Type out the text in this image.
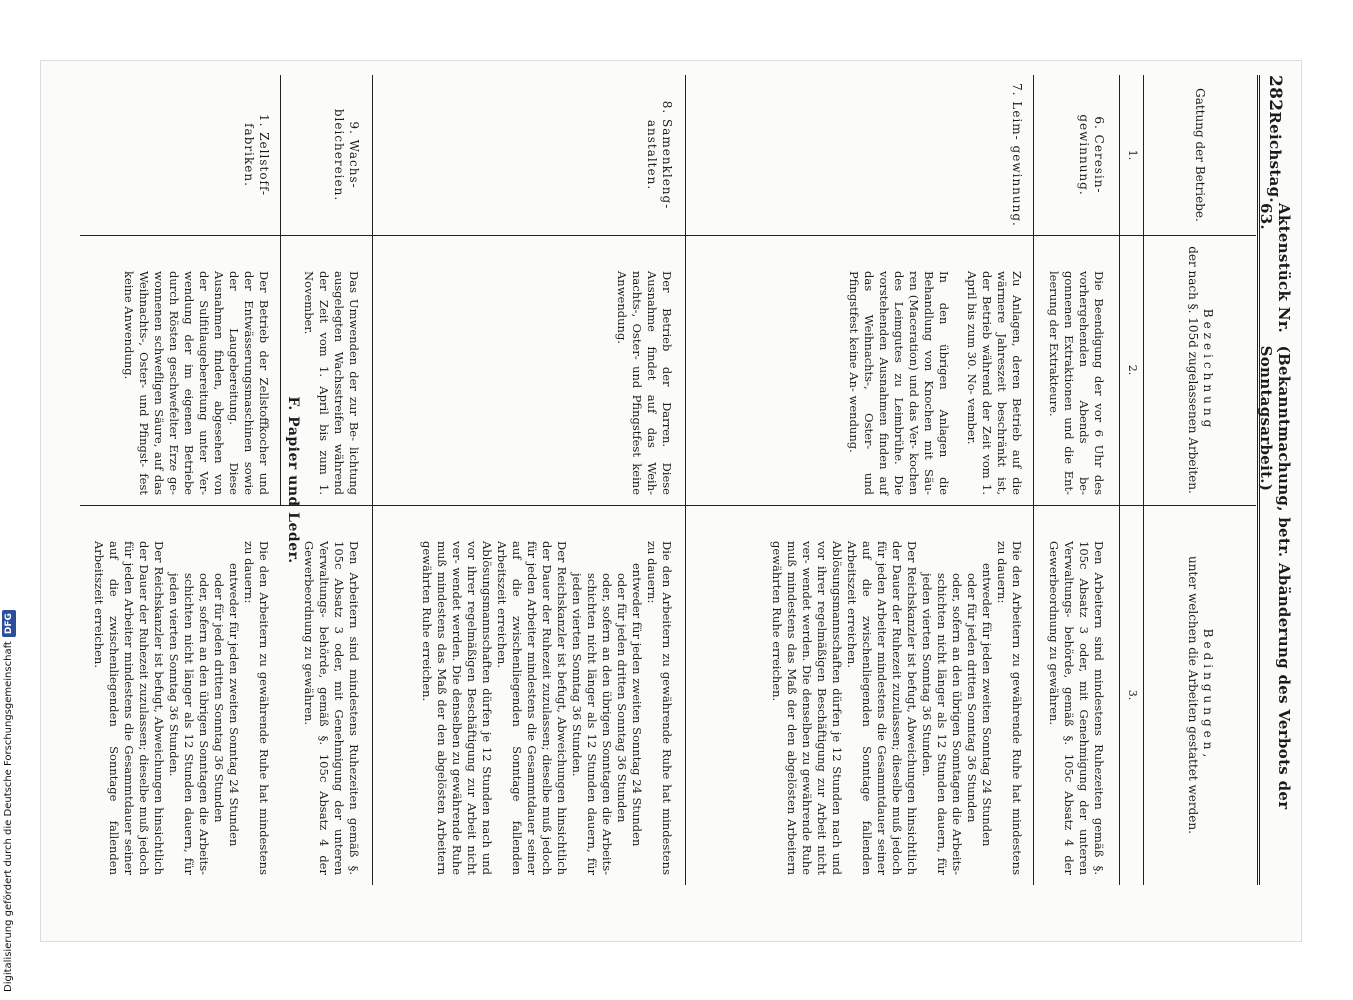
282
Reichstag.
Aktenstück Nr. 63.
(Bekanntmachung, betr. Abänderung des Verbots der Sonntagsarbeit.)
Gattung der Betriebe.
Bezeichnung
der nach §. 105d zugelassenen Arbeiten.
Bedingungen,
unter welchen die Arbeiten gestattet werden.
1.
2.
3.
6. Ceresin- gewinnung.
Die Beendigung der vor 6 Uhr des vorhergehenden Abends be- gonnenen Extraktionen und die Ent- leerung der Extrakteure.
Den Arbeitern sind mindestens Ruhezeiten gemäß §. 105c Absatz 3 oder, mit Genehmigung der unteren Verwaltungs- behörde, gemäß §. 105c Absatz 4 der Gewerbeordnung zu gewähren.
7. Leim- gewinnung.
Zu Anlagen, deren Betrieb auf die wärmere Jahreszeit beschränkt ist, der Betrieb während der Zeit vom 1. April bis zum 30. No- vember.
In den übrigen Anlagen die Behandlung von Knochen mit Säu- ren (Maceration) und das Ver- kochen des Leimgutes zu Leimbrühe. Die vorstehenden Ausnahmen finden auf das Weihnachts-, Oster- und Pfingstfest keine An- wendung.
Die den Arbeitern zu gewährende Ruhe hat mindestens zu dauern:
entweder für jeden zweiten Sonntag 24 Stunden
oder für jeden dritten Sonntag 36 Stunden
oder, sofern an den übrigen Sonntagen die Arbeits- schichten nicht länger als 12 Stunden dauern, für jeden vierten Sonntag 36 Stunden.
Der Reichskanzler ist befugt, Abweichungen hinsichtlich der Dauer der Ruhezeit zuzulassen; dieselbe muß jedoch für jeden Arbeiter mindestens die Gesammtdauer seiner auf die zwischenliegenden Sonntage fallenden Arbeitszeit erreichen.
Ablösungsmannschaften dürfen je 12 Stunden nach und vor ihrer regelmäßigen Beschäftigung zur Arbeit nicht ver- wendet werden. Die denselben zu gewährende Ruhe muß mindestens das Maß der den abgelösten Arbeitern gewährten Ruhe erreichen.
8. Samenkleng- anstalten.
Der Betrieb der Darren. Diese Ausnahme findet auf das Weih- nachts-, Oster- und Pfingstfest keine Anwendung.
Die den Arbeitern zu gewährende Ruhe hat mindestens zu dauern:
entweder für jeden zweiten Sonntag 24 Stunden
oder für jeden dritten Sonntag 36 Stunden
oder, sofern an den übrigen Sonntagen die Arbeits- schichten nicht länger als 12 Stunden dauern, für jeden vierten Sonntag 36 Stunden.
Der Reichskanzler ist befugt, Abweichungen hinsichtlich der Dauer der Ruhezeit zuzulassen; dieselbe muß jedoch für jeden Arbeiter mindestens die Gesammtdauer seiner auf die zwischenliegenden Sonntage fallenden Arbeitszeit erreichen.
Ablösungsmannschaften dürfen je 12 Stunden nach und vor ihrer regelmäßigen Beschäftigung zur Arbeit nicht ver- wendet werden. Die denselben zu gewährende Ruhe muß mindestens das Maß der den abgelösten Arbeitern gewährten Ruhe erreichen.
9. Wachs- bleichereien.
Das Umwenden der zur Be- lichtung ausgelegten Wachsstreifen während der Zeit vom 1. April bis zum 1. November.
Den Arbeitern sind mindestens Ruhezeiten gemäß §. 105c Absatz 3 oder, mit Genehmigung der unteren Verwaltungs- behörde, gemäß §. 105c Absatz 4 der Gewerbeordnung zu gewähren.
F. Papier und Leder.
1. Zellstoff- fabriken.
Der Betrieb der Zellstoffkocher und der Entwässerungsmaschinen sowie der Laugebereitung. Diese Ausnahmen finden, abgesehen von der Sulfitlaugebereitung unter Ver- wendung der im eigenen Betriebe durch Rösten geschwefelter Erze ge- wonnenen schwefligen Säure, auf das Weihnachts-, Oster- und Pfingst- fest keine Anwendung.
Die den Arbeitern zu gewährende Ruhe hat mindestens zu dauern:
entweder für jeden zweiten Sonntag 24 Stunden
oder für jeden dritten Sonntag 36 Stunden
oder, sofern an den übrigen Sonntagen die Arbeits- schichten nicht länger als 12 Stunden dauern, für jeden vierten Sonntag 36 Stunden.
Der Reichskanzler ist befugt, Abweichungen hinsichtlich der Dauer der Ruhezeit zuzulassen; dieselbe muß jedoch für jeden Arbeiter mindestens die Gesammtdauer seiner auf die zwischenliegenden Sonntage fallenden Arbeitszeit erreichen.
Digitalisierung gefördert durch die Deutsche Forschungsgemeinschaft
DFG
